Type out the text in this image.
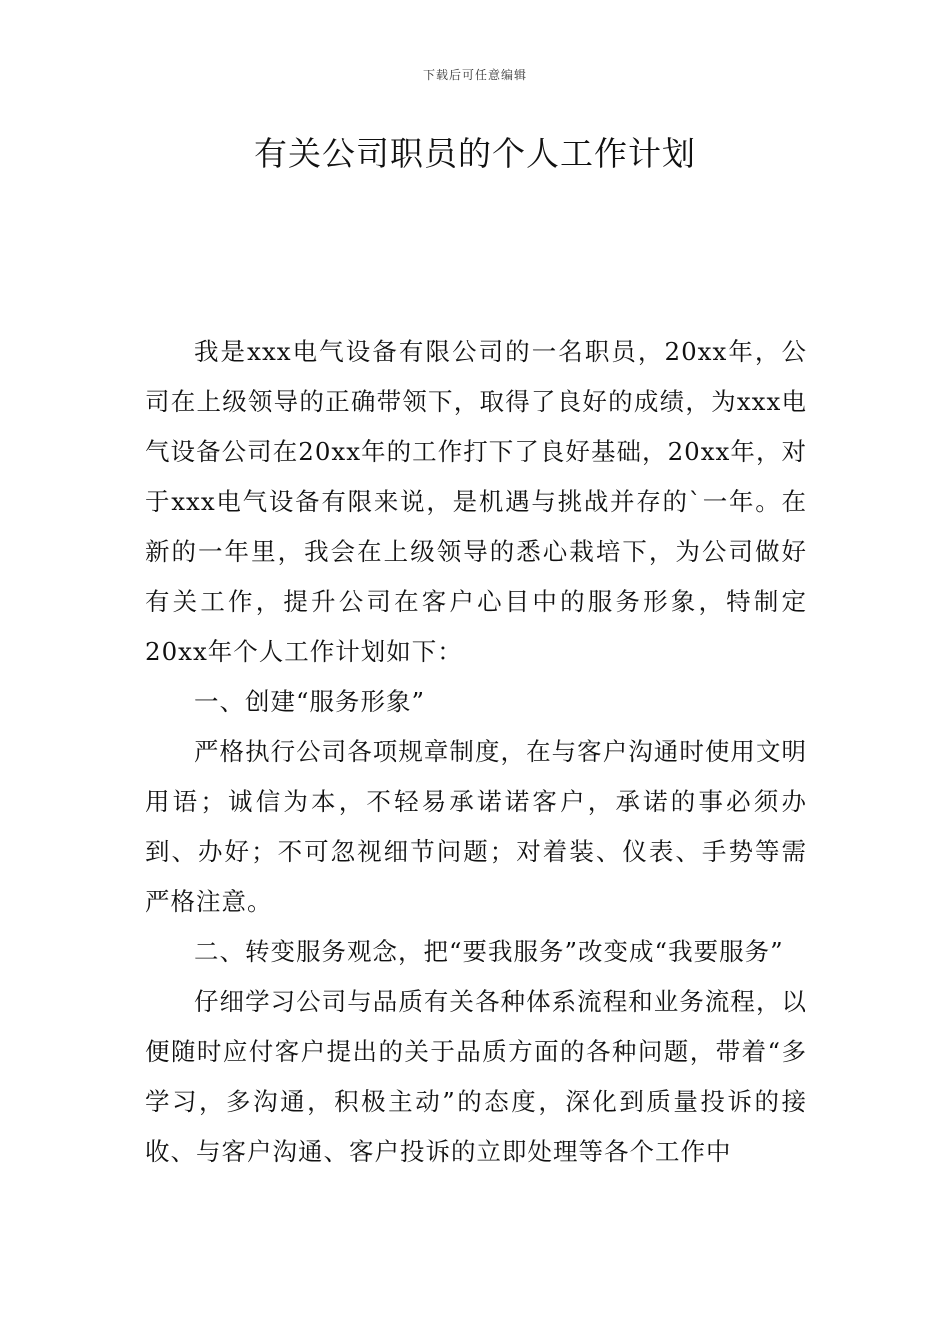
下载后可任意编辑
有关公司职员的个人工作计划

我是xxx电气设备有限公司的一名职员，20xx年，公司在上级领导的正确带领下，取得了良好的成绩，为xxx电气设备公司在20xx年的工作打下了良好基础，20xx年，对于xxx电气设备有限来说，是机遇与挑战并存的`一年。在新的一年里，我会在上级领导的悉心栽培下，为公司做好有关工作，提升公司在客户心目中的服务形象，特制定20xx年个人工作计划如下：

一、创建“服务形象”

严格执行公司各项规章制度，在与客户沟通时使用文明用语；诚信为本，不轻易承诺诺客户，承诺的事必须办到、办好；不可忽视细节问题；对着装、仪表、手势等需严格注意。

二、转变服务观念，把“要我服务”改变成“我要服务”

仔细学习公司与品质有关各种体系流程和业务流程，以便随时应付客户提出的关于品质方面的各种问题，带着“多学习，多沟通，积极主动”的态度，深化到质量投诉的接收、与客户沟通、客户投诉的立即处理等各个工作中
